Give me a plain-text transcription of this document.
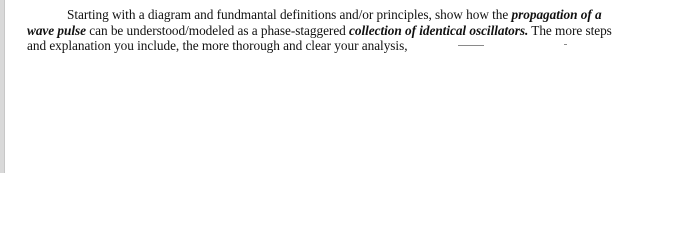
Starting with a diagram and fundmantal definitions and/or principles, show how the propagation of a
wave pulse can be understood/modeled as a phase-staggered collection of identical oscillators. The more steps
and explanation you include, the more thorough and clear your analysis,
